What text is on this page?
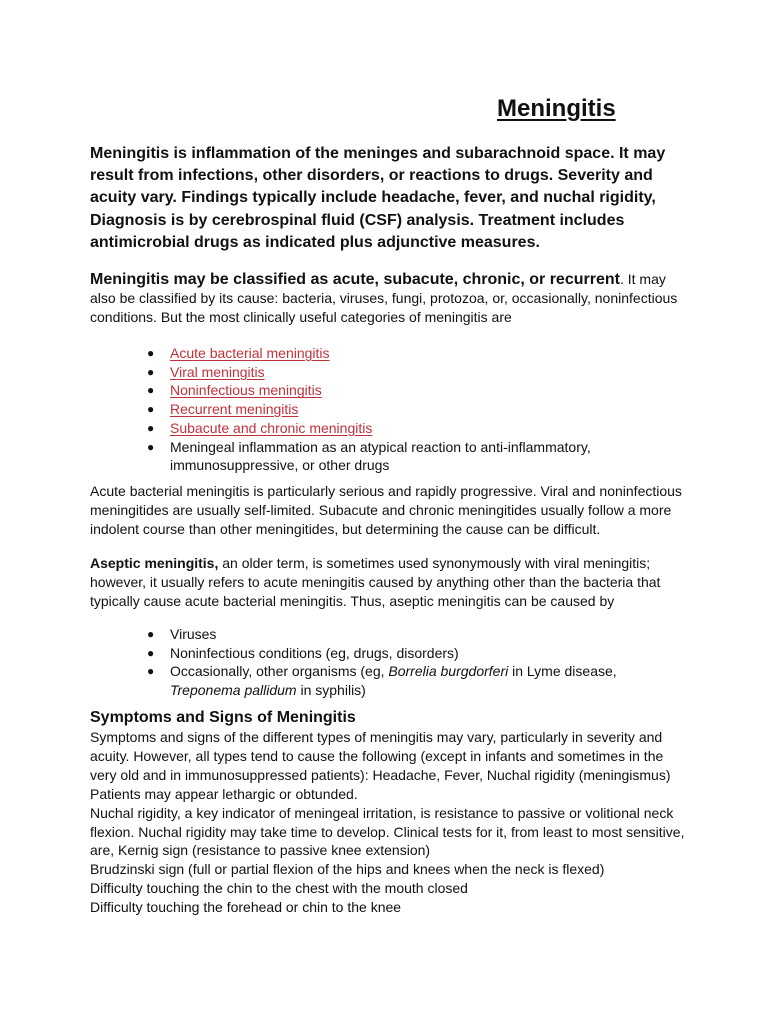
Meningitis

Meningitis is inflammation of the meninges and subarachnoid space. It may result from infections, other disorders, or reactions to drugs. Severity and acuity vary. Findings typically include headache, fever, and nuchal rigidity, Diagnosis is by cerebrospinal fluid (CSF) analysis. Treatment includes antimicrobial drugs as indicated plus adjunctive measures.

Meningitis may be classified as acute, subacute, chronic, or recurrent. It may also be classified by its cause: bacteria, viruses, fungi, protozoa, or, occasionally, noninfectious conditions. But the most clinically useful categories of meningitis are

● Acute bacterial meningitis
● Viral meningitis
● Noninfectious meningitis
● Recurrent meningitis
● Subacute and chronic meningitis
● Meningeal inflammation as an atypical reaction to anti-inflammatory, immunosuppressive, or other drugs

Acute bacterial meningitis is particularly serious and rapidly progressive. Viral and noninfectious meningitides are usually self-limited. Subacute and chronic meningitides usually follow a more indolent course than other meningitides, but determining the cause can be difficult.

Aseptic meningitis, an older term, is sometimes used synonymously with viral meningitis; however, it usually refers to acute meningitis caused by anything other than the bacteria that typically cause acute bacterial meningitis. Thus, aseptic meningitis can be caused by

● Viruses
● Noninfectious conditions (eg, drugs, disorders)
● Occasionally, other organisms (eg, Borrelia burgdorferi in Lyme disease, Treponema pallidum in syphilis)
Symptoms and Signs of Meningitis
Symptoms and signs of the different types of meningitis may vary, particularly in severity and acuity. However, all types tend to cause the following (except in infants and sometimes in the very old and in immunosuppressed patients): Headache, Fever, Nuchal rigidity (meningismus)
Patients may appear lethargic or obtunded.
Nuchal rigidity, a key indicator of meningeal irritation, is resistance to passive or volitional neck flexion. Nuchal rigidity may take time to develop. Clinical tests for it, from least to most sensitive, are, Kernig sign (resistance to passive knee extension)
Brudzinski sign (full or partial flexion of the hips and knees when the neck is flexed)
Difficulty touching the chin to the chest with the mouth closed
Difficulty touching the forehead or chin to the knee
